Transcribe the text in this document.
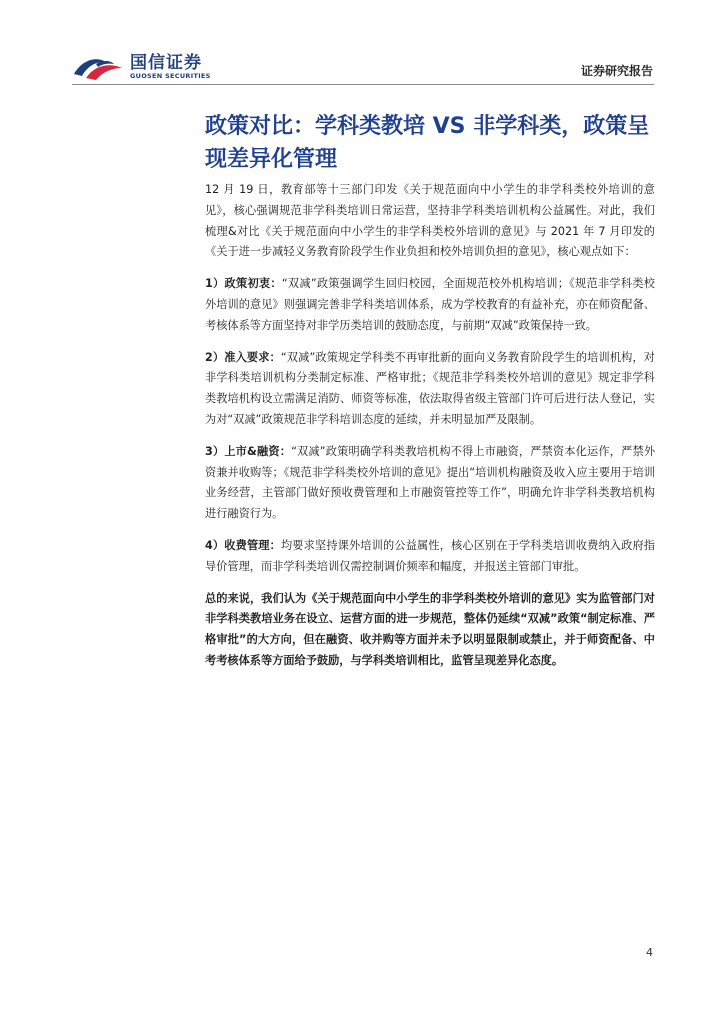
国信证券
GUOSEN SECURITIES	证券研究报告
政策对比：学科类教培 VS 非学科类，政策呈现差异化管理

12 月 19 日，教育部等十三部门印发《关于规范面向中小学生的非学科类校外培训的意见》，核心强调规范非学科类培训日常运营，坚持非学科类培训机构公益属性。对此，我们梳理&对比《关于规范面向中小学生的非学科类校外培训的意见》与 2021 年 7 月印发的《关于进一步减轻义务教育阶段学生作业负担和校外培训负担的意见》，核心观点如下：

1）政策初衷：“双减”政策强调学生回归校园，全面规范校外机构培训；《规范非学科类校外培训的意见》则强调完善非学科类培训体系，成为学校教育的有益补充，亦在师资配备、考核体系等方面坚持对非学历类培训的鼓励态度，与前期“双减”政策保持一致。

2）准入要求：“双减”政策规定学科类不再审批新的面向义务教育阶段学生的培训机构，对非学科类培训机构分类制定标准、严格审批；《规范非学科类校外培训的意见》规定非学科类教培机构设立需满足消防、师资等标准，依法取得省级主管部门许可后进行法人登记，实为对“双减”政策规范非学科培训态度的延续，并未明显加严及限制。

3）上市&融资：“双减”政策明确学科类教培机构不得上市融资，严禁资本化运作，严禁外资兼并收购等；《规范非学科类校外培训的意见》提出“培训机构融资及收入应主要用于培训业务经营，主管部门做好预收费管理和上市融资管控等工作”，明确允许非学科类教培机构进行融资行为。

4）收费管理：均要求坚持课外培训的公益属性，核心区别在于学科类培训收费纳入政府指导价管理，而非学科类培训仅需控制调价频率和幅度，并报送主管部门审批。

总的来说，我们认为《关于规范面向中小学生的非学科类校外培训的意见》实为监管部门对非学科类教培业务在设立、运营方面的进一步规范，整体仍延续“双减”政策“制定标准、严格审批”的大方向，但在融资、收并购等方面并未予以明显限制或禁止，并于师资配备、中考考核体系等方面给予鼓励，与学科类培训相比，监管呈现差异化态度。

4
